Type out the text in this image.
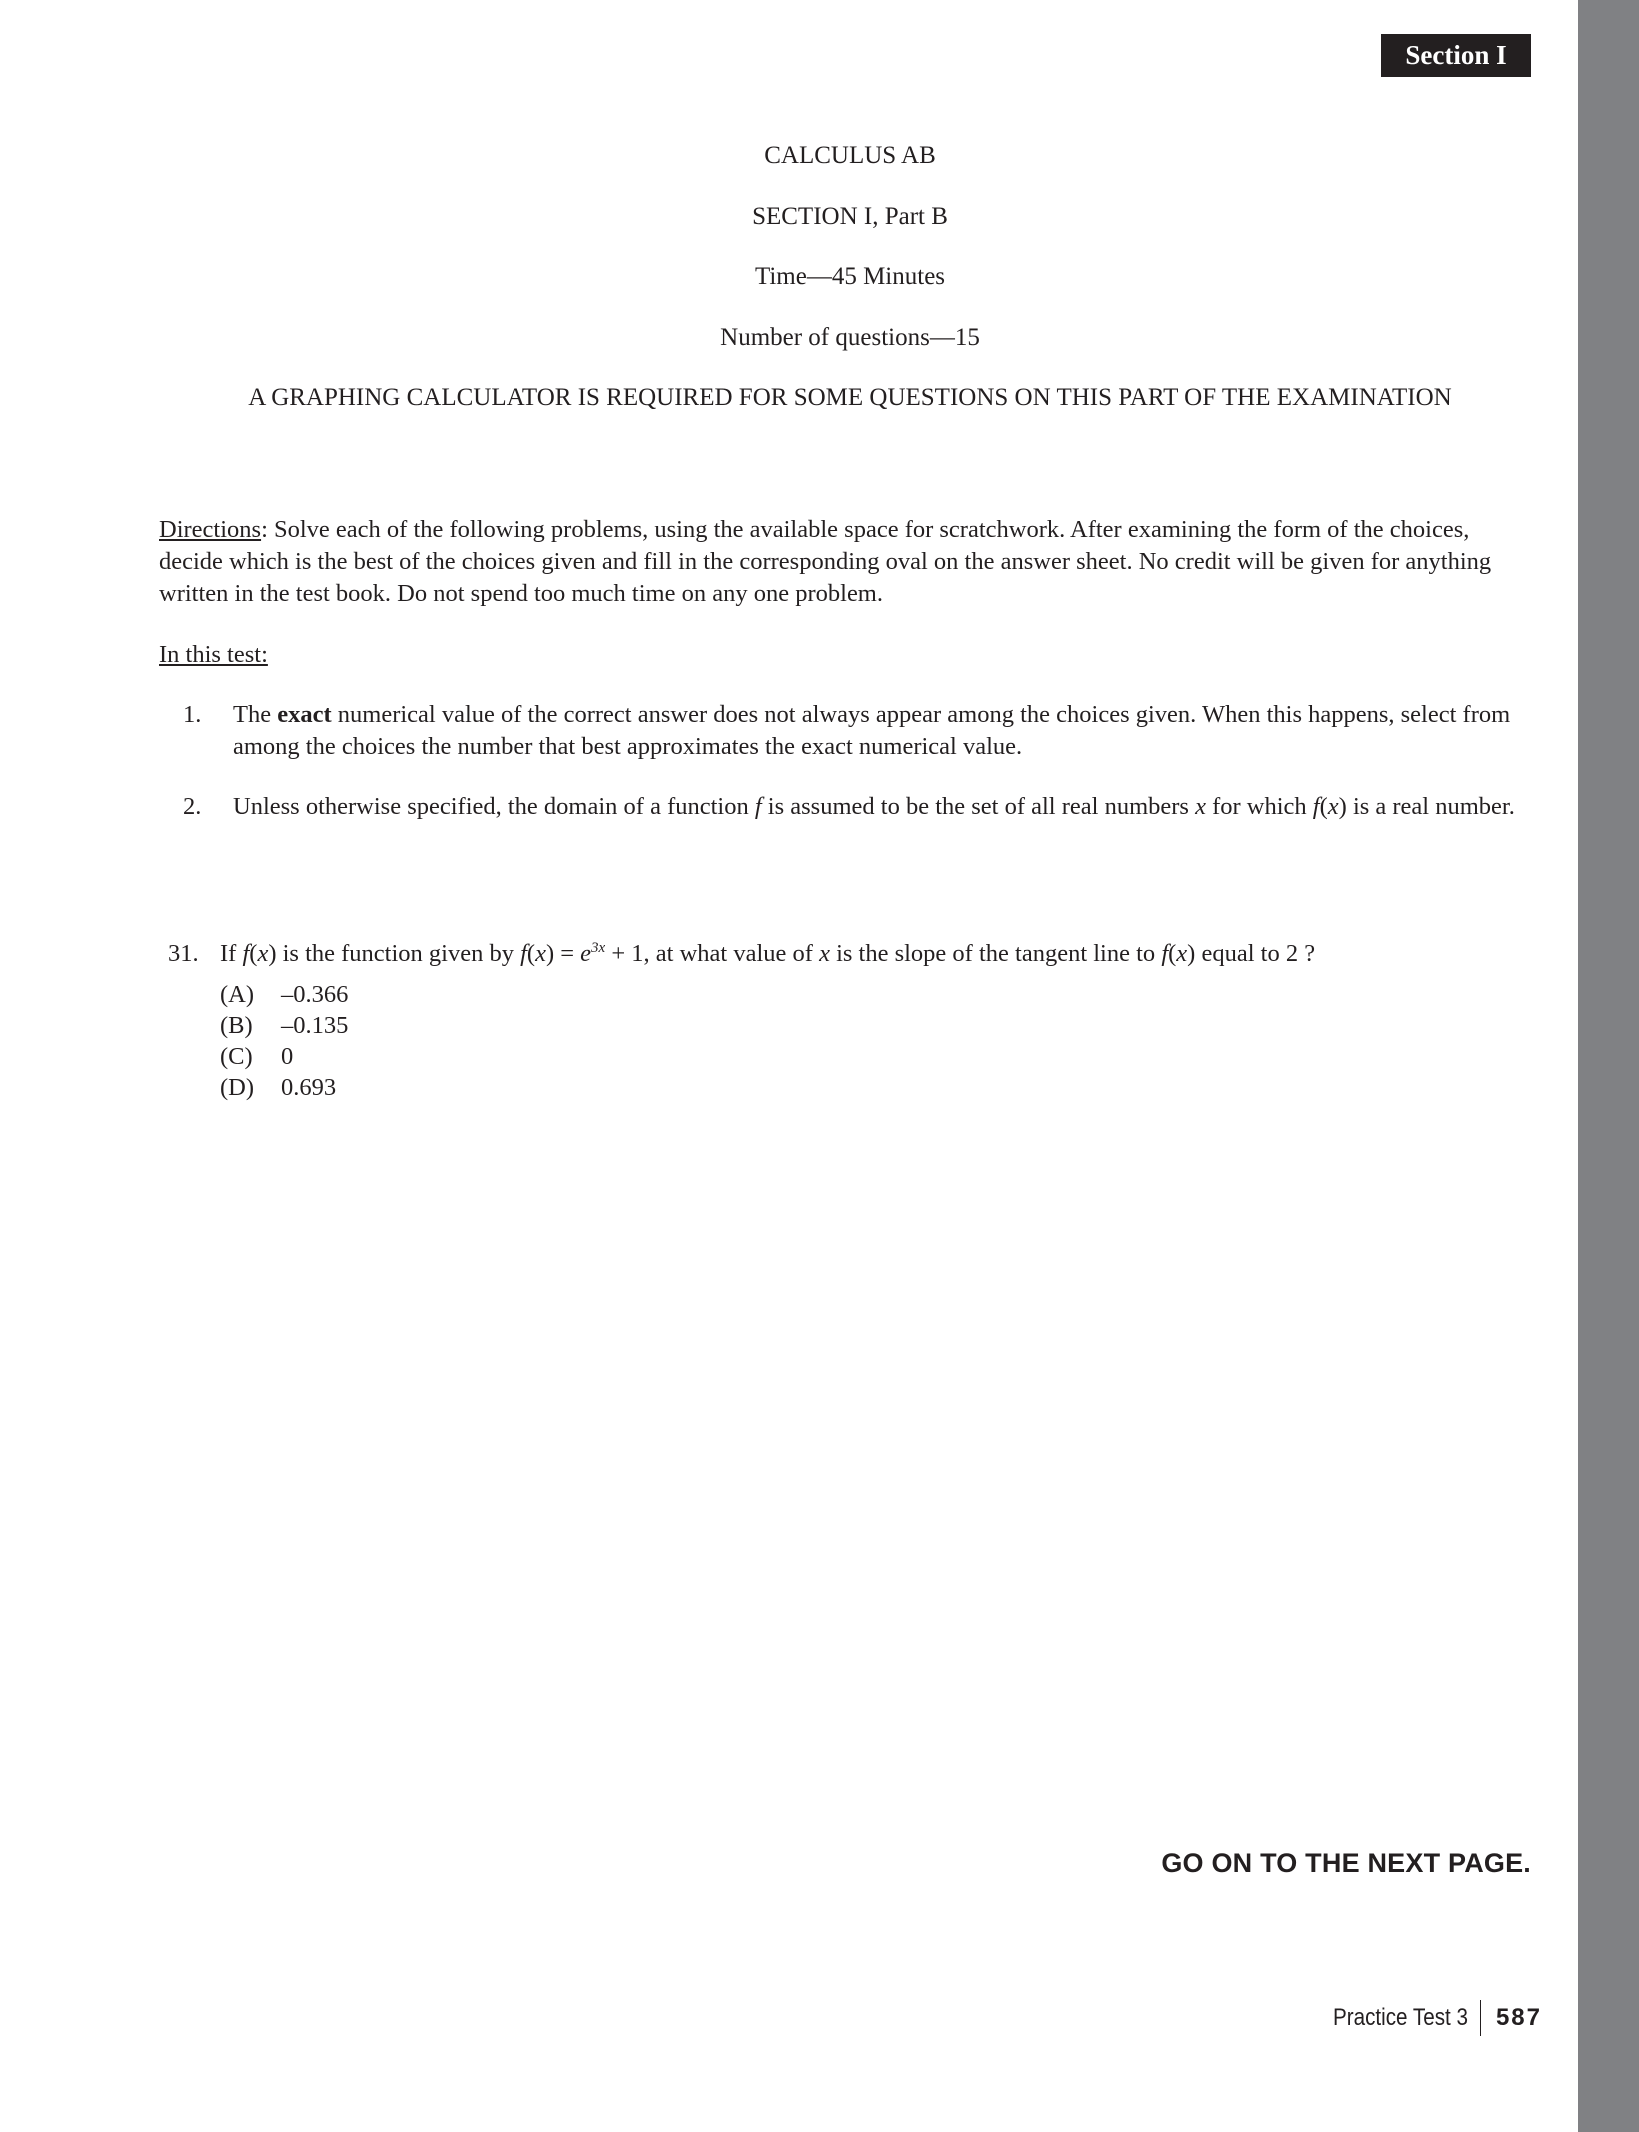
Section I
CALCULUS AB
SECTION I, Part B
Time—45 Minutes
Number of questions—15
A GRAPHING CALCULATOR IS REQUIRED FOR SOME QUESTIONS ON THIS PART OF THE EXAMINATION
Directions: Solve each of the following problems, using the available space for scratchwork. After examining the form of the choices, decide which is the best of the choices given and fill in the corresponding oval on the answer sheet. No credit will be given for anything written in the test book. Do not spend too much time on any one problem.
In this test:
1. The exact numerical value of the correct answer does not always appear among the choices given. When this happens, select from among the choices the number that best approximates the exact numerical value.
2. Unless otherwise specified, the domain of a function f is assumed to be the set of all real numbers x for which f(x) is a real number.
31. If f(x) is the function given by $f(x) = e^{3x} + 1$, at what value of x is the slope of the tangent line to f(x) equal to 2 ?
(A) –0.366
(B) –0.135
(C) 0
(D) 0.693
GO ON TO THE NEXT PAGE.
Practice Test 3 587
